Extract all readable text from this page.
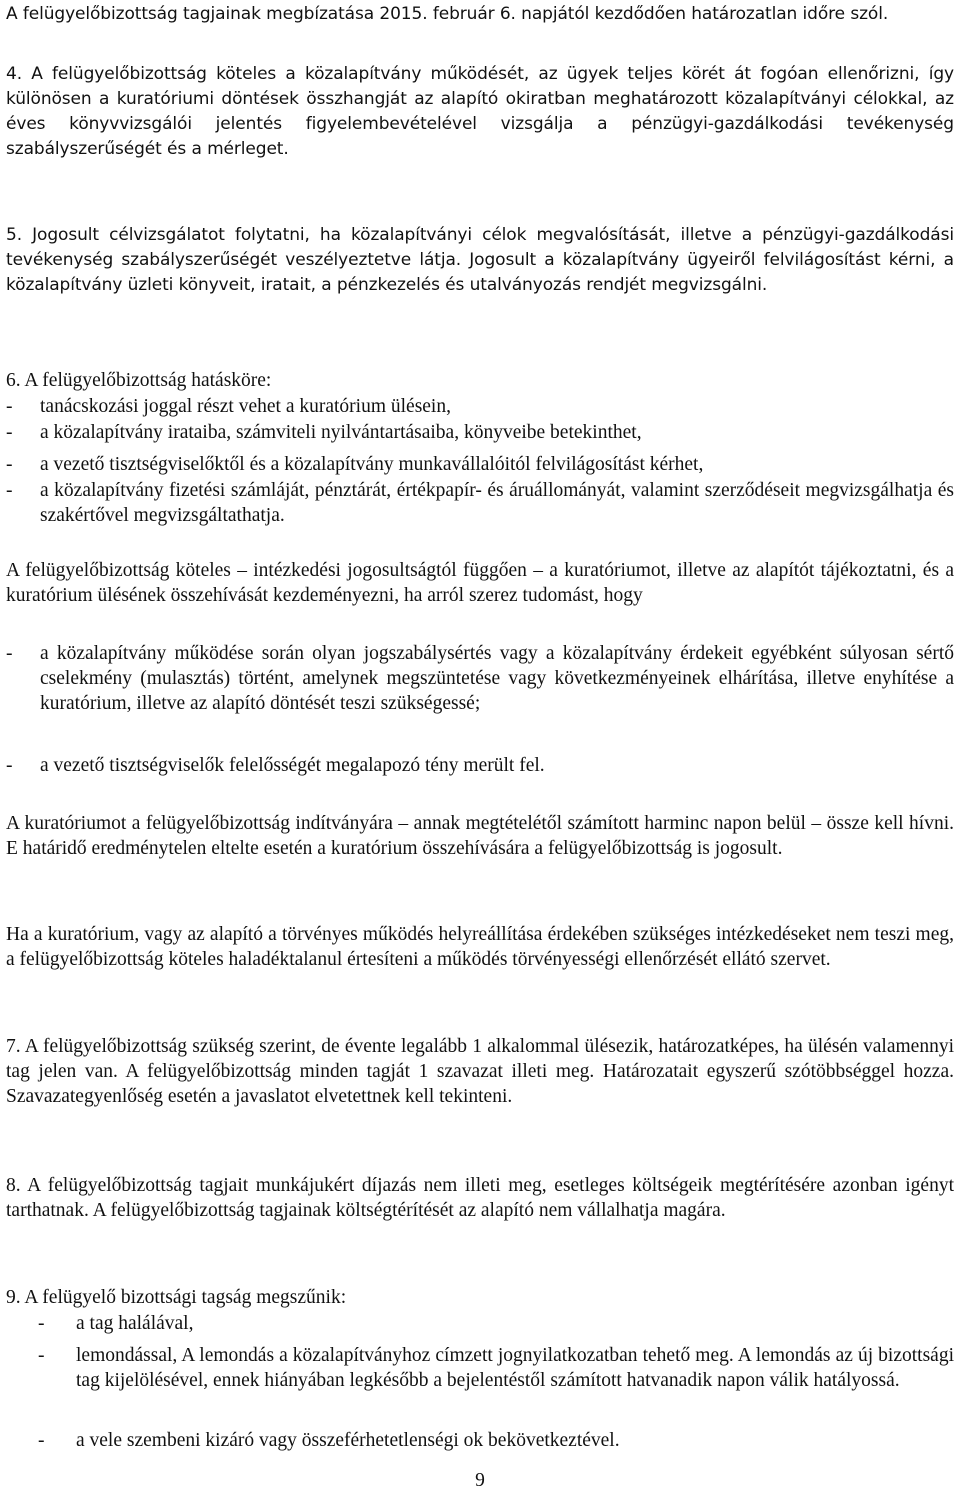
A felügyelőbizottság tagjainak megbízatása 2015. február 6. napjától kezdődően határozatlan időre szól.

4. A felügyelőbizottság köteles a közalapítvány működését, az ügyek teljes körét át fogóan ellenőrizni, így különösen a kuratóriumi döntések összhangját az alapító okiratban meghatározott közalapítványi célokkal, az éves könyvvizsgálói jelentés figyelembevételével vizsgálja a pénzügyi-gazdálkodási tevékenység szabályszerűségét és a mérleget.

5. Jogosult célvizsgálatot folytatni, ha közalapítványi célok megvalósítását, illetve a pénzügyi-gazdálkodási tevékenység szabályszerűségét veszélyeztetve látja. Jogosult a közalapítvány ügyeiről felvilágosítást kérni, a közalapítvány üzleti könyveit, iratait, a pénzkezelés és utalványozás rendjét megvizsgálni.

6. A felügyelőbizottság hatásköre:
- tanácskozási joggal részt vehet a kuratórium ülésein,
- a közalapítvány irataiba, számviteli nyilvántartásaiba, könyveibe betekinthet,
- a vezető tisztségviselőktől és a közalapítvány munkavállalóitól felvilágosítást kérhet,
- a közalapítvány fizetési számláját, pénztárát, értékpapír- és áruállományát, valamint szerződéseit megvizsgálhatja és szakértővel megvizsgáltathatja.

A felügyelőbizottság köteles ‒ intézkedési jogosultságtól függően ‒ a kuratóriumot, illetve az alapítót tájékoztatni, és a kuratórium ülésének összehívását kezdeményezni, ha arról szerez tudomást, hogy

- a közalapítvány működése során olyan jogszabálysértés vagy a közalapítvány érdekeit egyébként súlyosan sértő cselekmény (mulasztás) történt, amelynek megszüntetése vagy következményeinek elhárítása, illetve enyhítése a kuratórium, illetve az alapító döntését teszi szükségessé;
- a vezető tisztségviselők felelősségét megalapozó tény merült fel.

A kuratóriumot a felügyelőbizottság indítványára ‒ annak megtételétől számított harminc napon belül ‒ össze kell hívni. E határidő eredménytelen eltelte esetén a kuratórium összehívására a felügyelőbizottság is jogosult.

Ha a kuratórium, vagy az alapító a törvényes működés helyreállítása érdekében szükséges intézkedéseket nem teszi meg, a felügyelőbizottság köteles haladéktalanul értesíteni a működés törvényességi ellenőrzését ellátó szervet.

7. A felügyelőbizottság szükség szerint, de évente legalább 1 alkalommal ülésezik, határozatképes, ha ülésén valamennyi tag jelen van. A felügyelőbizottság minden tagját 1 szavazat illeti meg. Határozatait egyszerű szótöbbséggel hozza. Szavazategyenlőség esetén a javaslatot elvetettnek kell tekinteni.

8. A felügyelőbizottság tagjait munkájukért díjazás nem illeti meg, esetleges költségeik megtérítésére azonban igényt tarthatnak. A felügyelőbizottság tagjainak költségtérítését az alapító nem vállalhatja magára.

9. A felügyelő bizottsági tagság megszűnik:
- a tag halálával,
- lemondással, A lemondás a közalapítványhoz címzett jognyilatkozatban tehető meg. A lemondás az új bizottsági tag kijelölésével, ennek hiányában legkésőbb a bejelentéstől számított hatvanadik napon válik hatályossá.
- a vele szembeni kizáró vagy összeférhetetlenségi ok bekövetkeztével.
9
